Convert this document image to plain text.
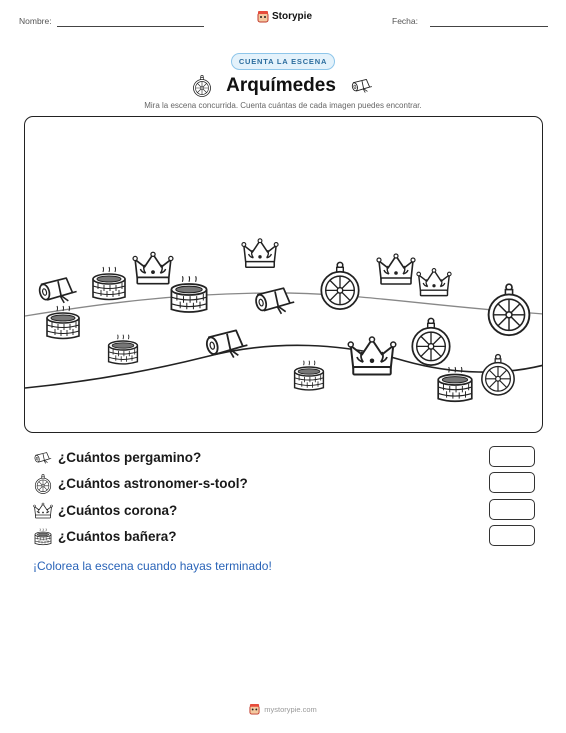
Nombre:	Storypie	Fecha:
CUENTA LA ESCENA
Arquímedes
Mira la escena concurrida. Cuenta cuántas de cada imagen puedes encontrar.
¿Cuántos pergamino?
¿Cuántos astronomer-s-tool?
¿Cuántos corona?
¿Cuántos bañera?
¡Colorea la escena cuando hayas terminado!
mystorypie.com
